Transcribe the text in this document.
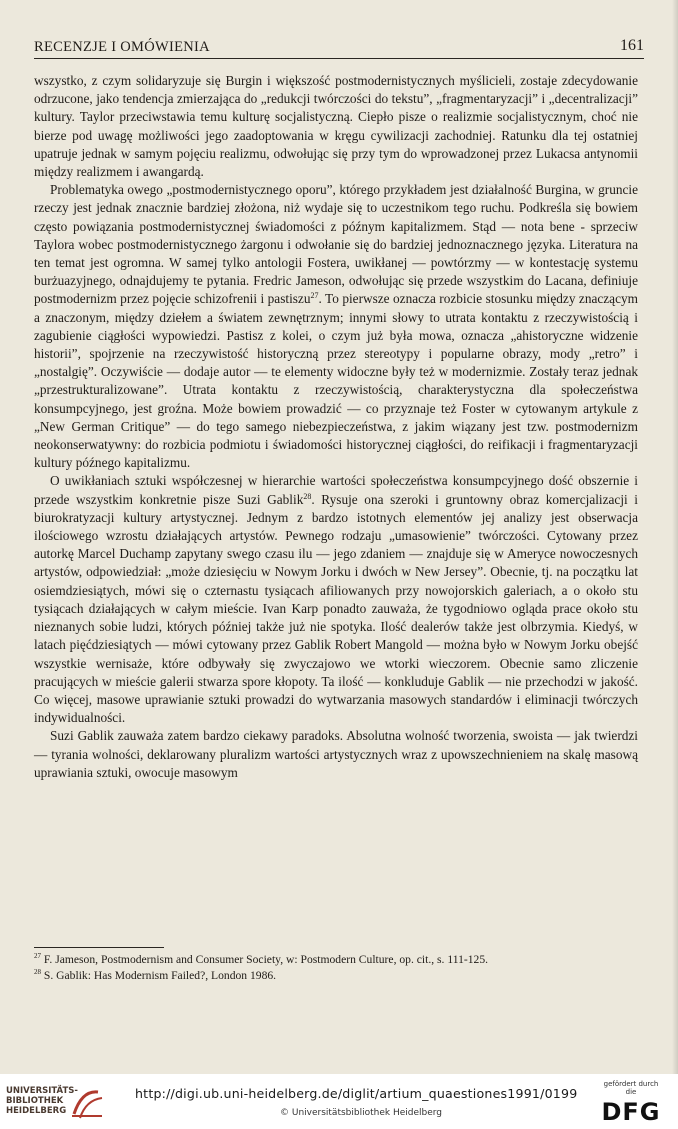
RECENZJE I OMÓWIENIA	161

wszystko, z czym solidaryzuje się Burgin i większość postmodernistycznych myślicieli, zostaje zdecydowanie odrzucone, jako tendencja zmierzająca do „redukcji twórczości do tekstu”, „fragmentaryzacji” i „decentralizacji” kultury. Taylor przeciwstawia temu kulturę socjalistyczną. Ciepło pisze o realizmie socjalistycznym, choć nie bierze pod uwagę możliwości jego zaadoptowania w kręgu cywilizacji zachodniej. Ratunku dla tej ostatniej upatruje jednak w samym pojęciu realizmu, odwołując się przy tym do wprowadzonej przez Lukacsa antynomii między realizmem i awangardą.

Problematyka owego „postmodernistycznego oporu”, którego przykładem jest działalność Burgina, w gruncie rzeczy jest jednak znacznie bardziej złożona, niż wydaje się to uczestnikom tego ruchu. Podkreśla się bowiem często powiązania postmodernistycznej świadomości z późnym kapitalizmem. Stąd — nota bene - sprzeciw Taylora wobec postmodernistycznego żargonu i odwołanie się do bardziej jednoznacznego języka. Literatura na ten temat jest ogromna. W samej tylko antologii Fostera, uwikłanej — powtórzmy — w kontestację systemu burżuazyjnego, odnajdujemy te pytania. Fredric Jameson, odwołując się przede wszystkim do Lacana, definiuje postmodernizm przez pojęcie schizofrenii i pastiszu$^{27}$. To pierwsze oznacza rozbicie stosunku między znaczącym a znaczonym, między dziełem a światem zewnętrznym; innymi słowy to utrata kontaktu z rzeczywistością i zagubienie ciągłości wypowiedzi. Pastisz z kolei, o czym już była mowa, oznacza „ahistoryczne widzenie historii”, spojrzenie na rzeczywistość historyczną przez stereotypy i popularne obrazy, mody „retro” i „nostalgię”. Oczywiście — dodaje autor — te elementy widoczne były też w modernizmie. Zostały teraz jednak „przestrukturalizowane”. Utrata kontaktu z rzeczywistością, charakterystyczna dla społeczeństwa konsumpcyjnego, jest groźna. Może bowiem prowadzić — co przyznaje też Foster w cytowanym artykule z „New German Critique” — do tego samego niebezpieczeństwa, z jakim wiązany jest tzw. postmodernizm neokonserwatywny: do rozbicia podmiotu i świadomości historycznej ciągłości, do reifikacji i fragmentaryzacji kultury późnego kapitalizmu.

O uwikłaniach sztuki współczesnej w hierarchie wartości społeczeństwa konsumpcyjnego dość obszernie i przede wszystkim konkretnie pisze Suzi Gablik$^{28}$. Rysuje ona szeroki i gruntowny obraz komercjalizacji i biurokratyzacji kultury artystycznej. Jednym z bardzo istotnych elementów jej analizy jest obserwacja ilościowego wzrostu działających artystów. Pewnego rodzaju „umasowienie” twórczości. Cytowany przez autorkę Marcel Duchamp zapytany swego czasu ilu — jego zdaniem — znajduje się w Ameryce nowoczesnych artystów, odpowiedział: „może dziesięciu w Nowym Jorku i dwóch w New Jersey”. Obecnie, tj. na początku lat osiemdziesiątych, mówi się o czternastu tysiącach afiliowanych przy nowojorskich galeriach, a o około stu tysiącach działających w całym mieście. Ivan Karp ponadto zauważa, że tygodniowo ogląda prace około stu nieznanych sobie ludzi, których później także już nie spotyka. Ilość dealerów także jest olbrzymia. Kiedyś, w latach pięćdziesiątych — mówi cytowany przez Gablik Robert Mangold — można było w Nowym Jorku obejść wszystkie wernisaże, które odbywały się zwyczajowo we wtorki wieczorem. Obecnie samo zliczenie pracujących w mieście galerii stwarza spore kłopoty. Ta ilość — konkluduje Gablik — nie przechodzi w jakość. Co więcej, masowe uprawianie sztuki prowadzi do wytwarzania masowych standardów i eliminacji twórczych indywidualności.

Suzi Gablik zauważa zatem bardzo ciekawy paradoks. Absolutna wolność tworzenia, swoista — jak twierdzi — tyrania wolności, deklarowany pluralizm wartości artystycznych wraz z upowszechnieniem na skalę masową uprawiania sztuki, owocuje masowym

$^{27}$ F. Jameson, Postmodernism and Consumer Society, w: Postmodern Culture, op. cit., s. 111-125.
$^{28}$ S. Gablik: Has Modernism Failed?, London 1986.
UNIVERSITÄTS-
BIBLIOTHEK
HEIDELBERG
http://digi.ub.uni-heidelberg.de/diglit/artium_quaestiones1991/0199
© Universitätsbibliothek Heidelberg
gefördert durch die
DFG
